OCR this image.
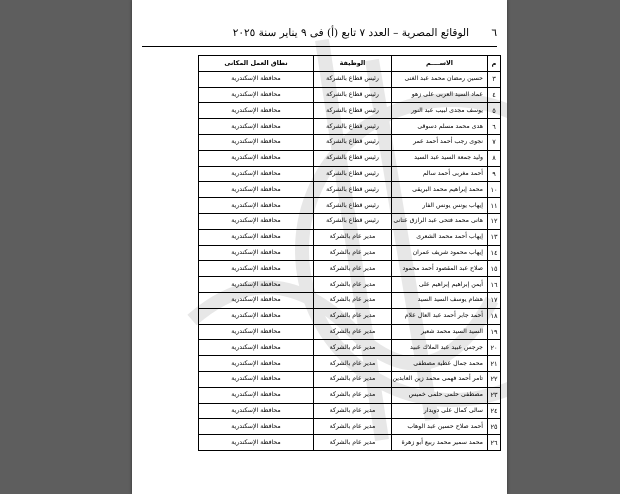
٦
الوقائع المصرية – العدد ٧ تابع (أ) فى ٩ يناير سنة ٢٠٢٥
م	الاســــم	الوظيفة	نطاق العمل المكانى
٣	حسين رمضان محمد عبد الغنى	رئيس قطاع بالشركة	محافظة الإسكندرية
٤	عماد السيد العربى على زهو	رئيس قطاع بالشركة	محافظة الإسكندرية
٥	يوسف مجدى لبيب عبد النور	رئيس قطاع بالشركة	محافظة الإسكندرية
٦	هدى محمد مسلم دسوقى	رئيس قطاع بالشركة	محافظة الإسكندرية
٧	نجوى رجب أحمد أحمد عمر	رئيس قطاع بالشركة	محافظة الإسكندرية
٨	وليد جمعة السيد عبد السيد	رئيس قطاع بالشركة	محافظة الإسكندرية
٩	أحمد مغربى أحمد سالم	رئيس قطاع بالشركة	محافظة الإسكندرية
١٠	محمد إبراهيم محمد البريقى	رئيس قطاع بالشركة	محافظة الإسكندرية
١١	إيهاب يونس يونس الفار	رئيس قطاع بالشركة	محافظة الإسكندرية
١٢	هانى محمد فتحى عبد الرازق عتانى	رئيس قطاع بالشركة	محافظة الإسكندرية
١٣	إيهاب أحمد محمد الشعرى	مدير عام بالشركة	محافظة الإسكندرية
١٤	إيهاب محمود شريف عمران	مدير عام بالشركة	محافظة الإسكندرية
١٥	صلاح عبد المقصود أحمد محمود	مدير عام بالشركة	محافظة الإسكندرية
١٦	أيمن إبراهيم إبراهيم على	مدير عام بالشركة	محافظة الإسكندرية
١٧	هشام يوسف السيد السيد	مدير عام بالشركة	محافظة الإسكندرية
١٨	أحمد جابر أحمد عبد العال علام	مدير عام بالشركة	محافظة الإسكندرية
١٩	السيد السيد محمد شعير	مدير عام بالشركة	محافظة الإسكندرية
٢٠	جرجس عبيد عبد الملاك عبيد	مدير عام بالشركة	محافظة الإسكندرية
٢١	محمد جمال عطية مصطفى	مدير عام بالشركة	محافظة الإسكندرية
٢٢	تامر أحمد فهمى محمد زين العابدين	مدير عام بالشركة	محافظة الإسكندرية
٢٣	مصطفى حلمى حلمى خميس	مدير عام بالشركة	محافظة الإسكندرية
٢٤	سالى كمال على دويدار	مدير عام بالشركة	محافظة الإسكندرية
٢٥	أحمد صلاح حسين عبد الوهاب	مدير عام بالشركة	محافظة الإسكندرية
٢٦	محمد سمير محمد ربيع أبو زهرة	مدير عام بالشركة	محافظة الإسكندرية
